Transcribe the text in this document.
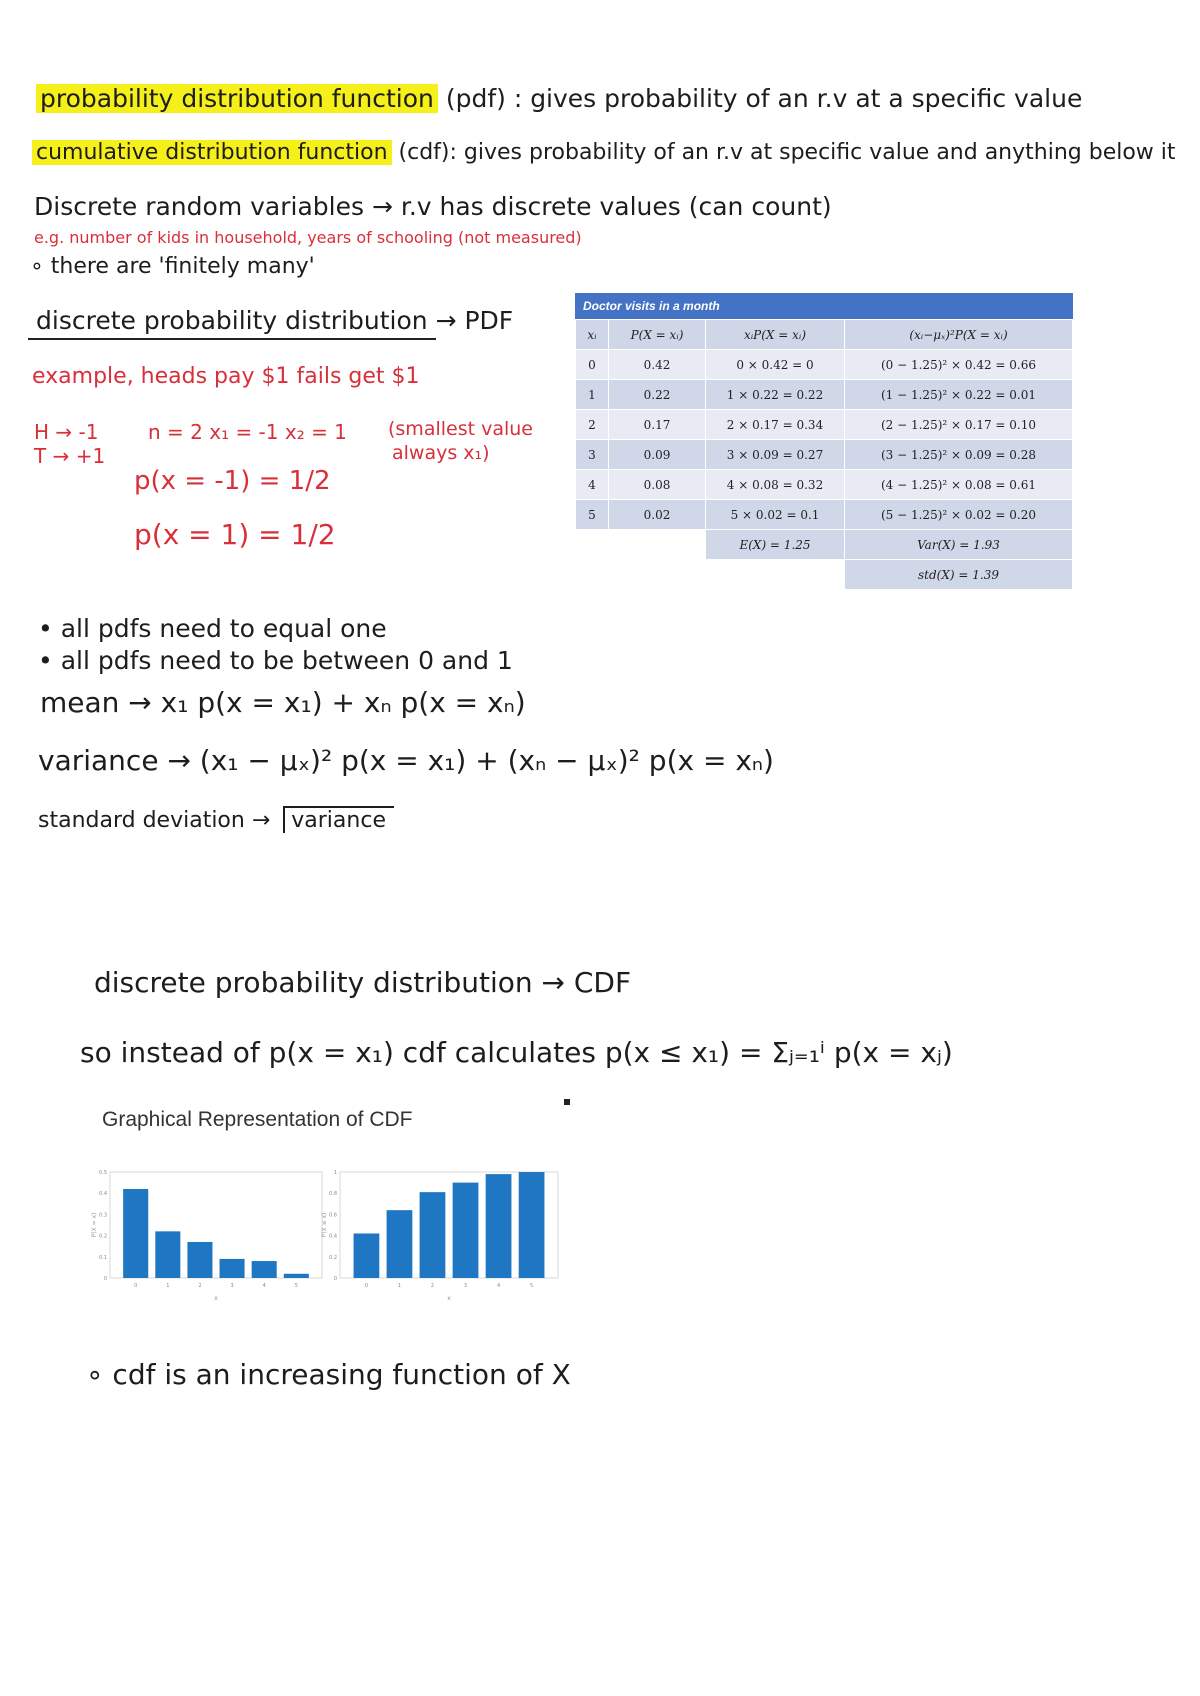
probability distribution function (pdf) : gives probability of an r.v at a specific value
cumulative distribution function (cdf): gives probability of an r.v at specific value and anything below it
Discrete random variables → r.v has discrete values (can count)
e.g. number of kids in household, years of schooling (not measured)
∘ there are 'finitely many'
discrete probability distribution → PDF
example, heads pay $1 fails get $1
H → -1
T → +1
n = 2 x₁ = -1 x₂ = 1 (smallest value
always x₁)
p(x = -1) = 1/2
p(x = 1) = 1/2
Doctor visits in a month
xᵢ	P(X = xᵢ)	xᵢP(X = xᵢ)	(xᵢ−μₓ)²P(X = xᵢ)
0	0.42	0 × 0.42 = 0	(0 − 1.25)² × 0.42 = 0.66
1	0.22	1 × 0.22 = 0.22	(1 − 1.25)² × 0.22 = 0.01
2	0.17	2 × 0.17 = 0.34	(2 − 1.25)² × 0.17 = 0.10
3	0.09	3 × 0.09 = 0.27	(3 − 1.25)² × 0.09 = 0.28
4	0.08	4 × 0.08 = 0.32	(4 − 1.25)² × 0.08 = 0.61
5	0.02	5 × 0.02 = 0.1	(5 − 1.25)² × 0.02 = 0.20
		E(X) = 1.25	Var(X) = 1.93
			std(X) = 1.39
• all pdfs need to equal one
• all pdfs need to be between 0 and 1
mean → x₁ p(x = x₁) + xₙ p(x = xₙ)
variance → (x₁ − μₓ)² p(x = x₁) + (xₙ − μₓ)² p(x = xₙ)
standard deviation → variance
discrete probability distribution → CDF
so instead of p(x = x₁) cdf calculates p(x ≤ x₁) = Σⱼ₌₁ⁱ p(x = xⱼ)
Graphical Representation of CDF
0
0.1
0.2
0.3
0.4
0.5
P(X = x)
0	1	2	3	4	5
x
0
0.2
0.4
0.6
0.8
1
P(X ≤ x)
0	1	2	3	4	5
x
∘ cdf is an increasing function of X
